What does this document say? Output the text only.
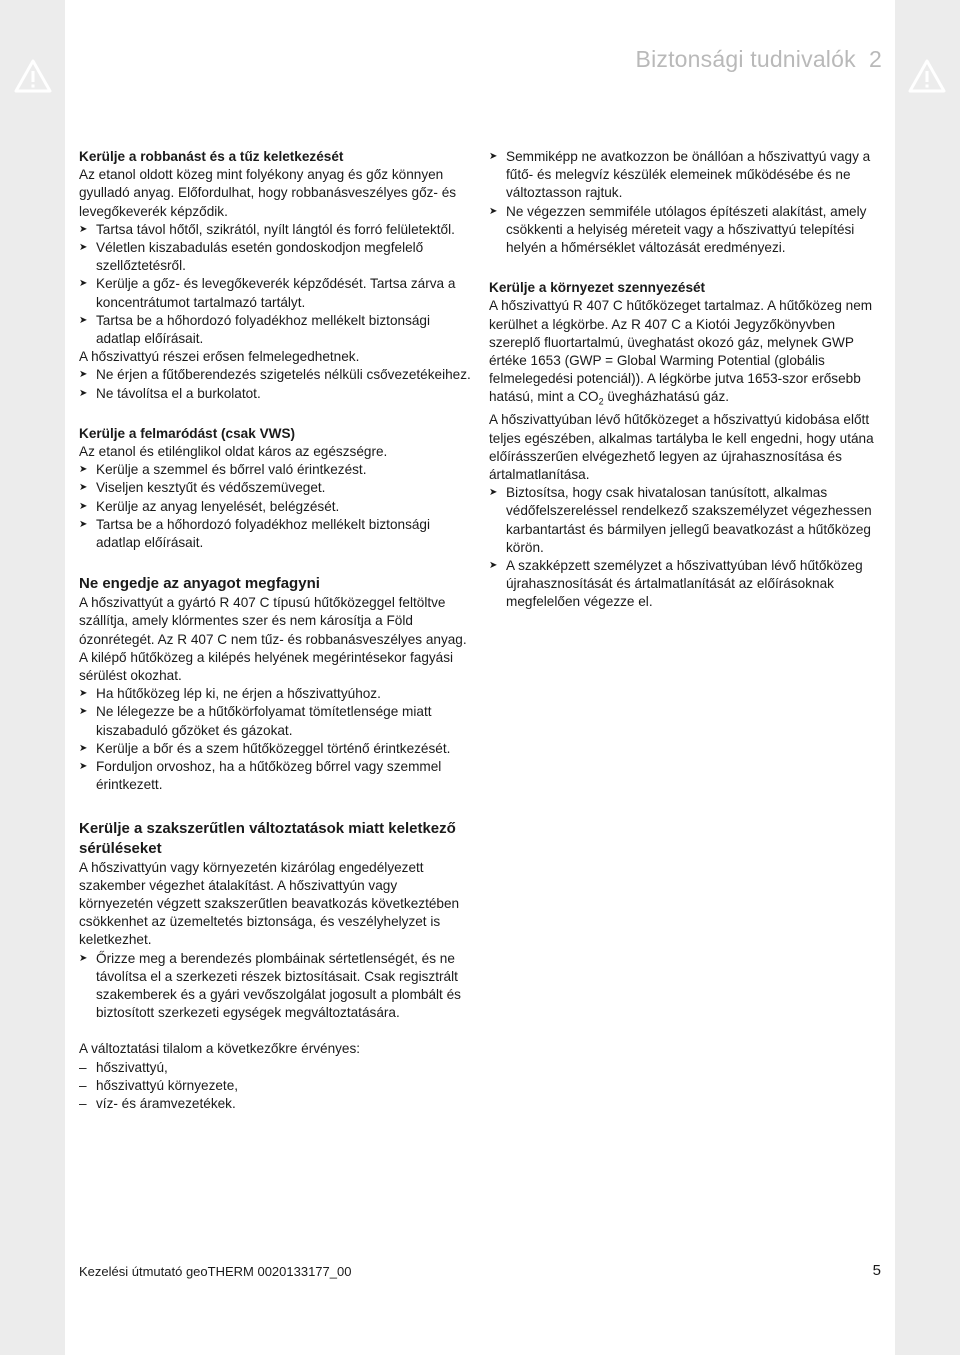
Biztonsági tudnivalók 2
Kerülje a robbanást és a tűz keletkezését

Az etanol oldott közeg mint folyékony anyag és gőz könnyen gyulladó anyag. Előfordulhat, hogy robbanásveszélyes gőz- és levegőkeverék képződik.

➤ Tartsa távol hőtől, szikrától, nyílt lángtól és forró felületektől.
➤ Véletlen kiszabadulás esetén gondoskodjon megfelelő szellőztetésről.
➤ Kerülje a gőz- és levegőkeverék képződését. Tartsa zárva a koncentrátumot tartalmazó tartályt.
➤ Tartsa be a hőhordozó folyadékhoz mellékelt biztonsági adatlap előírásait.

A hőszivattyú részei erősen felmelegedhetnek.

➤ Ne érjen a fűtőberendezés szigetelés nélküli csővezetékeihez.
➤ Ne távolítsa el a burkolatot.
Kerülje a felmaródást (csak VWS)

Az etanol és etilénglikol oldat káros az egészségre.

➤ Kerülje a szemmel és bőrrel való érintkezést.
➤ Viseljen kesztyűt és védőszemüveget.
➤ Kerülje az anyag lenyelését, belégzését.
➤ Tartsa be a hőhordozó folyadékhoz mellékelt biztonsági adatlap előírásait.
Ne engedje az anyagot megfagyni

A hőszivattyút a gyártó R 407 C típusú hűtőközeggel feltöltve szállítja, amely klórmentes szer és nem károsítja a Föld ózonrétegét. Az R 407 C nem tűz- és robbanásveszélyes anyag.

A kilépő hűtőközeg a kilépés helyének megérintésekor fagyási sérülést okozhat.

➤ Ha hűtőközeg lép ki, ne érjen a hőszivattyúhoz.
➤ Ne lélegezze be a hűtőkörfolyamat tömítetlensége miatt kiszabaduló gőzöket és gázokat.
➤ Kerülje a bőr és a szem hűtőközeggel történő érintkezését.
➤ Forduljon orvoshoz, ha a hűtőközeg bőrrel vagy szemmel érintkezett.
Kerülje a szakszerűtlen változtatások miatt keletkező sérüléseket

A hőszivattyún vagy környezetén kizárólag engedélyezett szakember végezhet átalakítást. A hőszivattyún vagy környezetén végzett szakszerűtlen beavatkozás következtében csökkenhet az üzemeltetés biztonsága, és veszélyhelyzet is keletkezhet.

➤ Őrizze meg a berendezés plombáinak sértetlenségét, és ne távolítsa el a szerkezeti részek biztosításait. Csak regisztrált szakemberek és a gyári vevőszolgálat jogosult a plombált és biztosított szerkezeti egységek megváltoztatására.

A változtatási tilalom a következőkre érvényes:

– hőszivattyú,
– hőszivattyú környezete,
– víz- és áramvezetékek.
➤ Semmiképp ne avatkozzon be önállóan a hőszivattyú vagy a fűtő- és melegvíz készülék elemeinek működésébe és ne változtasson rajtuk.
➤ Ne végezzen semmiféle utólagos építészeti alakítást, amely csökkenti a helyiség méreteit vagy a hőszivattyú telepítési helyén a hőmérséklet változását eredményezi.
Kerülje a környezet szennyezését

A hőszivattyú R 407 C hűtőközeget tartalmaz. A hűtőközeg nem kerülhet a légkörbe. Az R 407 C a Kiotói Jegyzőkönyvben szereplő fluortartalmú, üveghatást okozó gáz, melynek GWP értéke 1653 (GWP = Global Warming Potential (globális felmelegedési potenciál)). A légkörbe jutva 1653-szor erősebb hatású, mint a $CO_2$ üvegházhatású gáz.

A hőszivattyúban lévő hűtőközeget a hőszivattyú kidobása előtt teljes egészében, alkalmas tartályba le kell engedni, hogy utána előírásszerűen elvégezhető legyen az újrahasznosítása és ártalmatlanítása.

➤ Biztosítsa, hogy csak hivatalosan tanúsított, alkalmas védőfelszereléssel rendelkező szakszemélyzet végezhessen karbantartást és bármilyen jellegű beavatkozást a hűtőközeg körön.
➤ A szakképzett személyzet a hőszivattyúban lévő hűtőközeg újrahasznosítását és ártalmatlanítását az előírásoknak megfelelően végezze el.
Kezelési útmutató geoTHERM 0020133177_00	5
